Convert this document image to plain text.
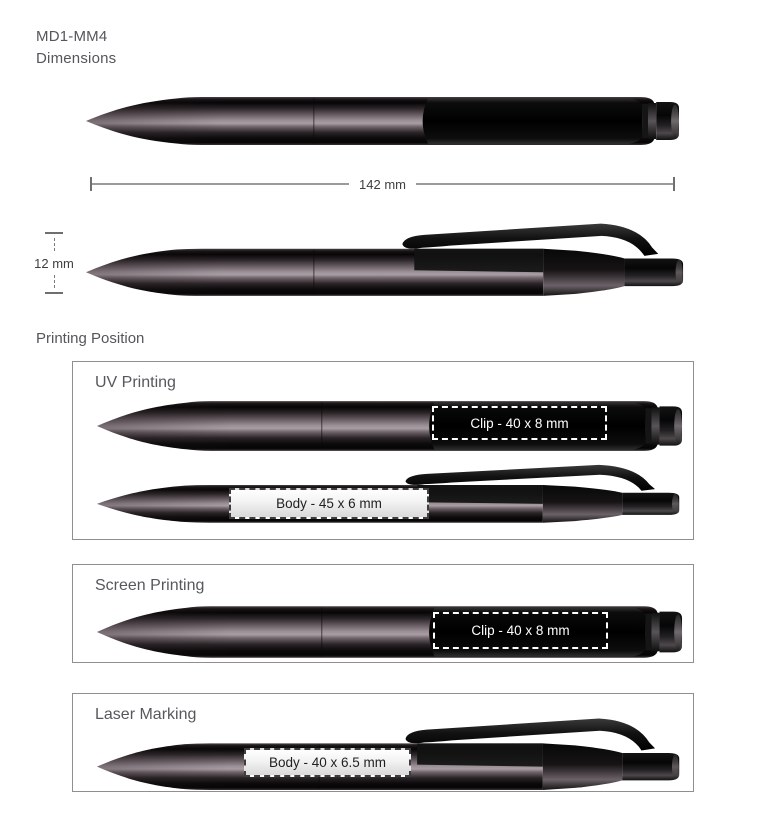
MD1-MM4
Dimensions
142 mm
12 mm
Printing Position
UV Printing
Clip - 40 x 8 mm
Body - 45 x 6 mm
Screen Printing
Clip - 40 x 8 mm
Laser Marking
Body - 40 x 6.5 mm
